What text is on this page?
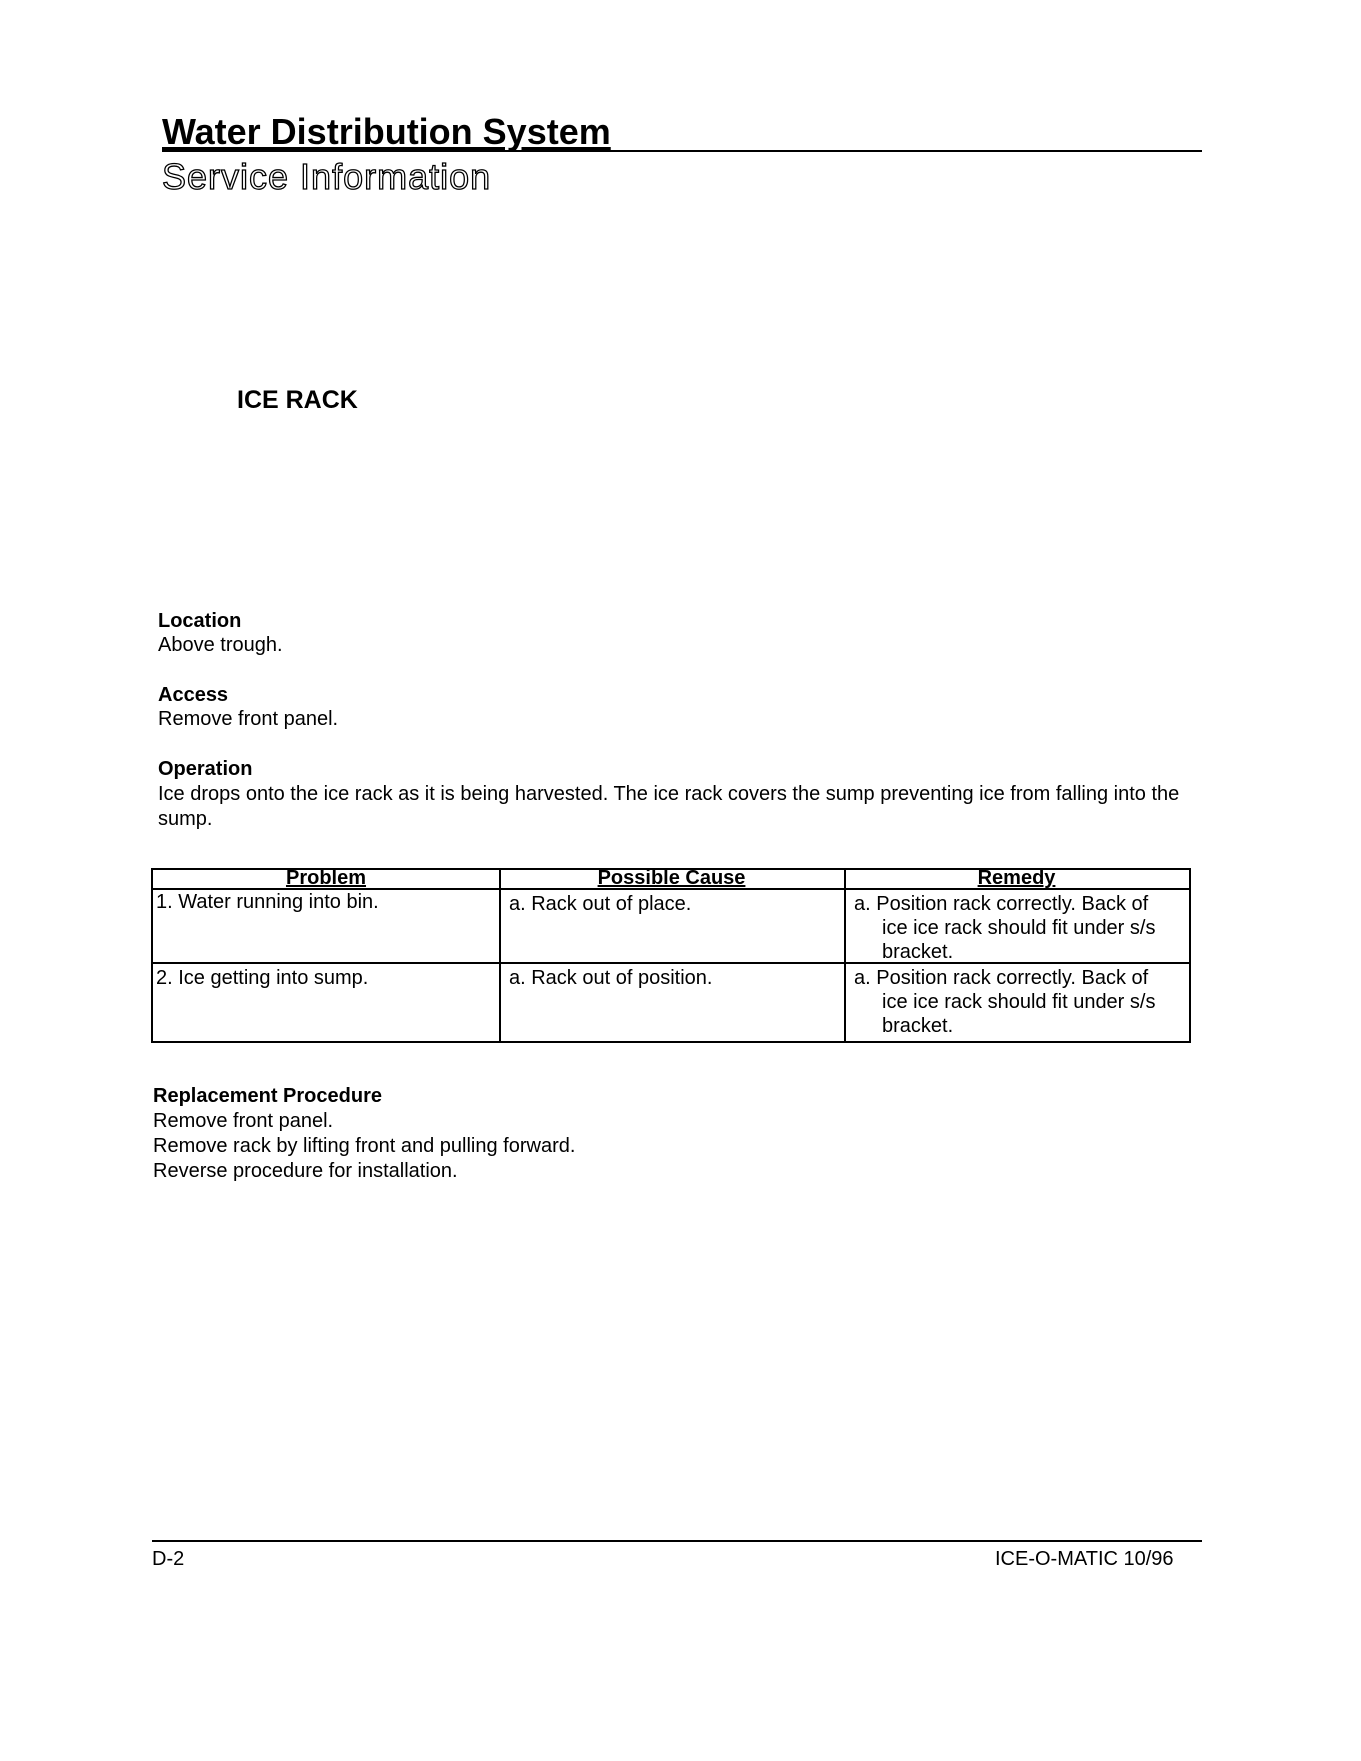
Water Distribution System
Service Information
ICE RACK
Location
Above trough.
Access
Remove front panel.
Operation
Ice drops onto the ice rack as it is being harvested. The ice rack covers the sump preventing ice from falling into the sump.
Problem	Possible Cause	Remedy
1. Water running into bin.	a. Rack out of place.	a. Position rack correctly. Back of
ice ice rack should fit under s/s
bracket.
2. Ice getting into sump.	a. Rack out of position.	a. Position rack correctly. Back of
ice ice rack should fit under s/s
bracket.
Replacement Procedure
Remove front panel.
Remove rack by lifting front and pulling forward.
Reverse procedure for installation.
D-2	ICE-O-MATIC 10/96
